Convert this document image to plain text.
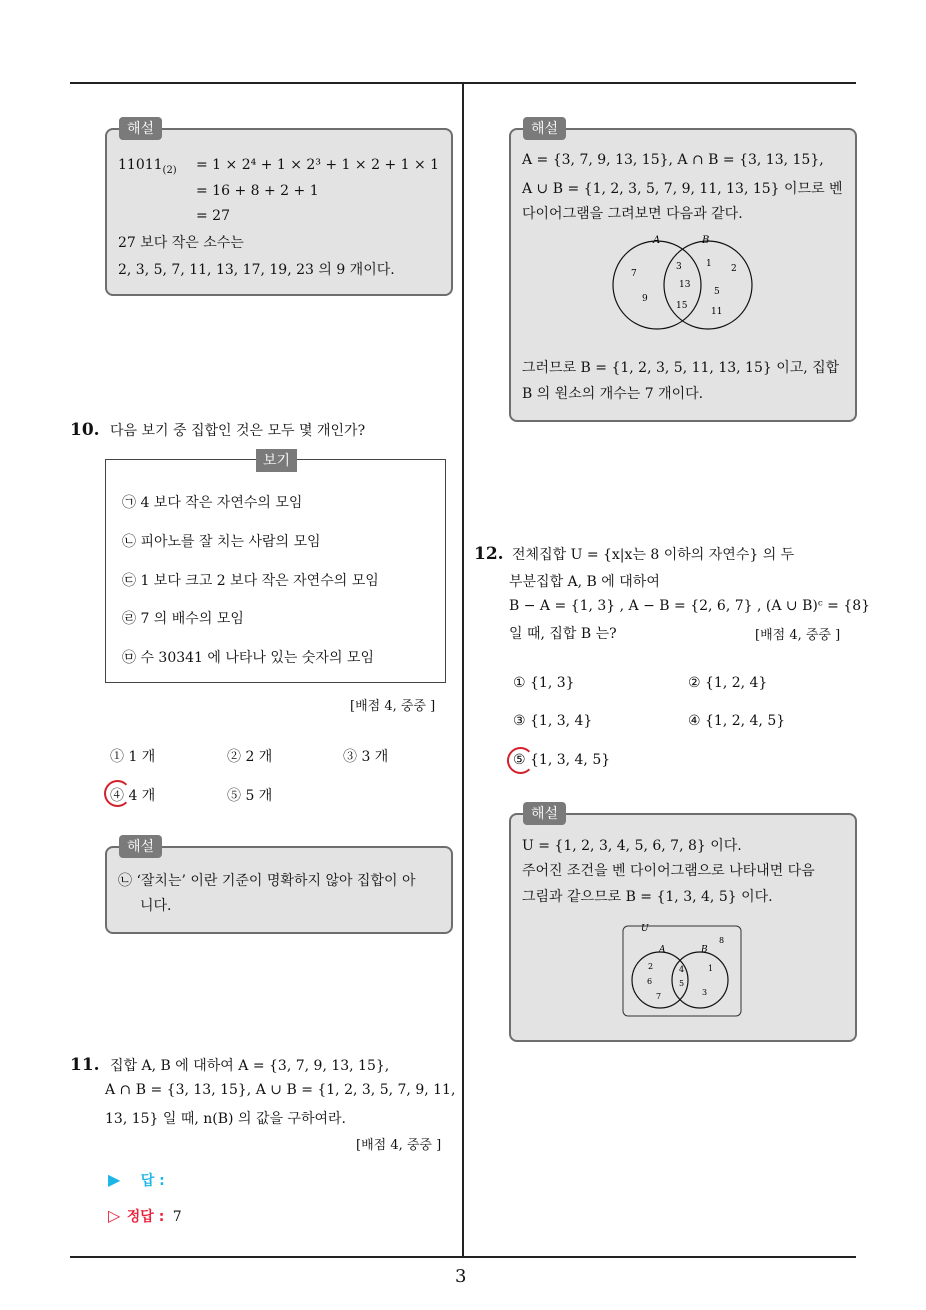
3
해설
$11011_{(2)} = 1 \times 2^4 + 1 \times 2^3 + 1 \times 2 + 1 \times 1$
= 16 + 8 + 2 + 1
= 27
27 보다 작은 소수는
2, 3, 5, 7, 11, 13, 17, 19, 23 의 9 개이다.
10. 다음 보기 중 집합인 것은 모두 몇 개인가?
보기
㉠ 4 보다 작은 자연수의 모임
㉡ 피아노를 잘 치는 사람의 모임
㉢ 1 보다 크고 2 보다 작은 자연수의 모임
㉣ 7 의 배수의 모임
㉤ 수 30341 에 나타나 있는 숫자의 모임
[배점 4, 중중 ]
① 1 개	② 2 개	③ 3 개
④ 4 개	⑤ 5 개
해설
㉡ ‘잘치는’ 이란 기준이 명확하지 않아 집합이 아
니다.
11. 집합 A, B 에 대하여 A = {3, 7, 9, 13, 15},
A ∩ B = {3, 13, 15}, A ∪ B = {1, 2, 3, 5, 7, 9, 11,
13, 15} 일 때, n(B) 의 값을 구하여라.
[배점 4, 중중 ]
▶ 답 :
▷ 정답 : 7
해설
A = {3, 7, 9, 13, 15}, A ∩ B = {3, 13, 15},
A ∪ B = {1, 2, 3, 5, 7, 9, 11, 13, 15} 이므로 벤
다이어그램을 그려보면 다음과 같다.
A	B
7
9
3
13
15
1 2
5
11
그러므로 B = {1, 2, 3, 5, 11, 13, 15} 이고, 집합
B 의 원소의 개수는 7 개이다.
12. 전체집합 U = {x|x는 8 이하의 자연수} 의 두
부분집합 A, B 에 대하여
B − A = {1, 3} , A − B = {2, 6, 7} , (A ∪ B)ᶜ = {8}
일 때, 집합 B 는?	[배점 4, 중중 ]
① {1, 3}	② {1, 2, 4}
③ {1, 3, 4}	④ {1, 2, 4, 5}
⑤ {1, 3, 4, 5}
해설
U = {1, 2, 3, 4, 5, 6, 7, 8} 이다.
주어진 조건을 벤 다이어그램으로 나타내면 다음
그림과 같으므로 B = {1, 3, 4, 5} 이다.
U
A	B
8
2
6
7
4
5
1
3
